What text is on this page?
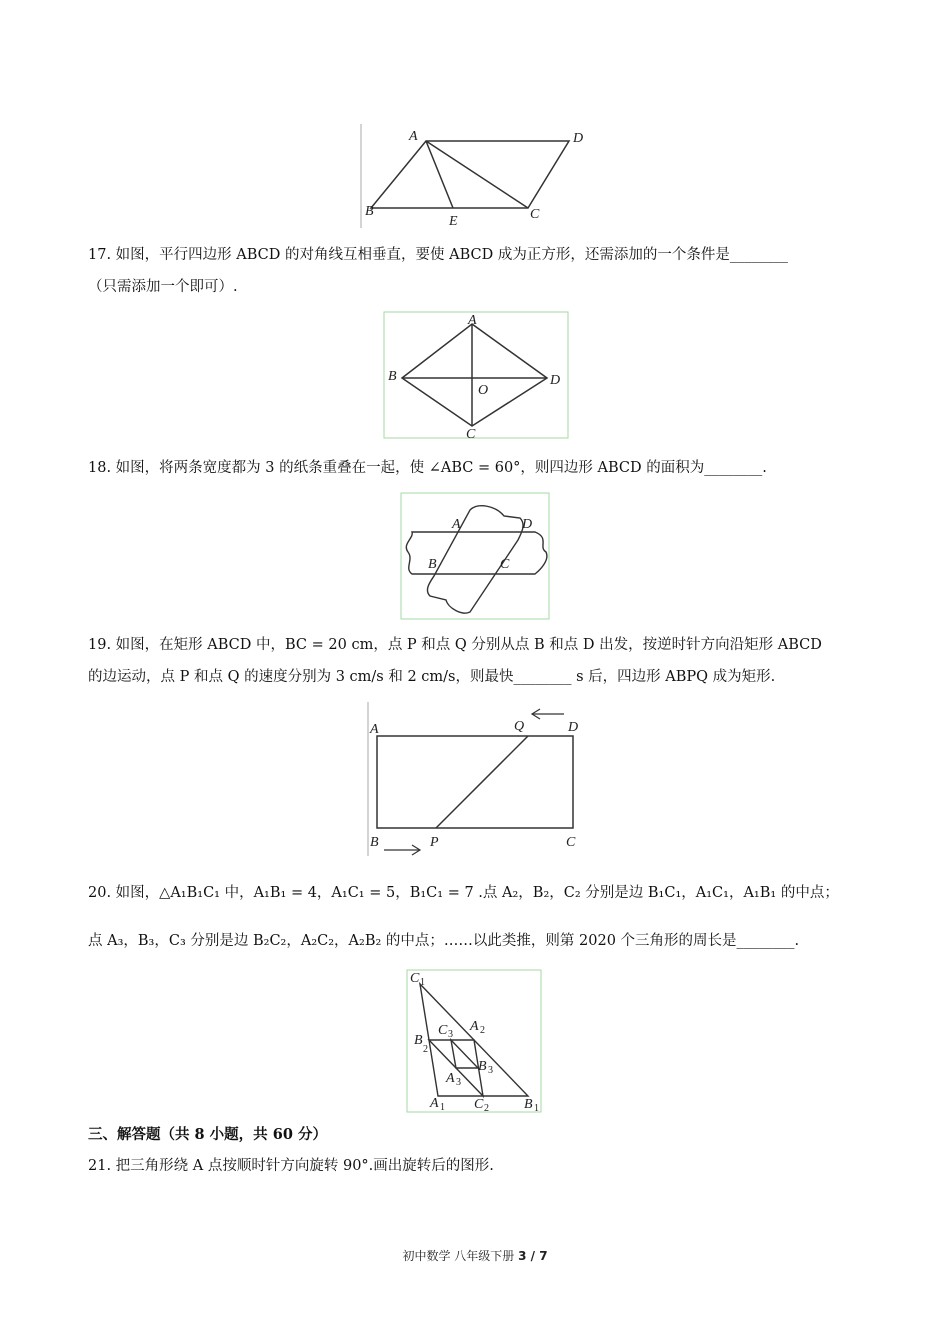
A	D
B
E	C
17. 如图，平行四边形 ABCD 的对角线互相垂直，要使 ABCD 成为正方形，还需添加的一个条件是________
（只需添加一个即可）.
A
B
O
D
C
18. 如图，将两条宽度都为 3 的纸条重叠在一起，使 ∠ABC = 60°，则四边形 ABCD 的面积为________.
A	D
B	C
19. 如图，在矩形 ABCD 中，BC = 20 cm，点 P 和点 Q 分别从点 B 和点 D 出发，按逆时针方向沿矩形 ABCD
的边运动，点 P 和点 Q 的速度分别为 3 cm/s 和 2 cm/s，则最快________ s 后，四边形 ABPQ 成为矩形.
A	Q	D
B	P	C
20. 如图，△A₁B₁C₁ 中，A₁B₁ = 4，A₁C₁ = 5，B₁C₁ = 7 .点 A₂，B₂，C₂ 分别是边 B₁C₁，A₁C₁，A₁B₁ 的中点；
点 A₃，B₃，C₃ 分别是边 B₂C₂，A₂C₂，A₂B₂ 的中点；……以此类推，则第 2020 个三角形的周长是________.
C 1
C 3
A 2
B
2
B 3
A 3
A 1 C 2	B 1
三、解答题（共 8 小题，共 60 分）
21. 把三角形绕 A 点按顺时针方向旋转 90°.画出旋转后的图形.
初中数学 八年级下册 3 / 7
